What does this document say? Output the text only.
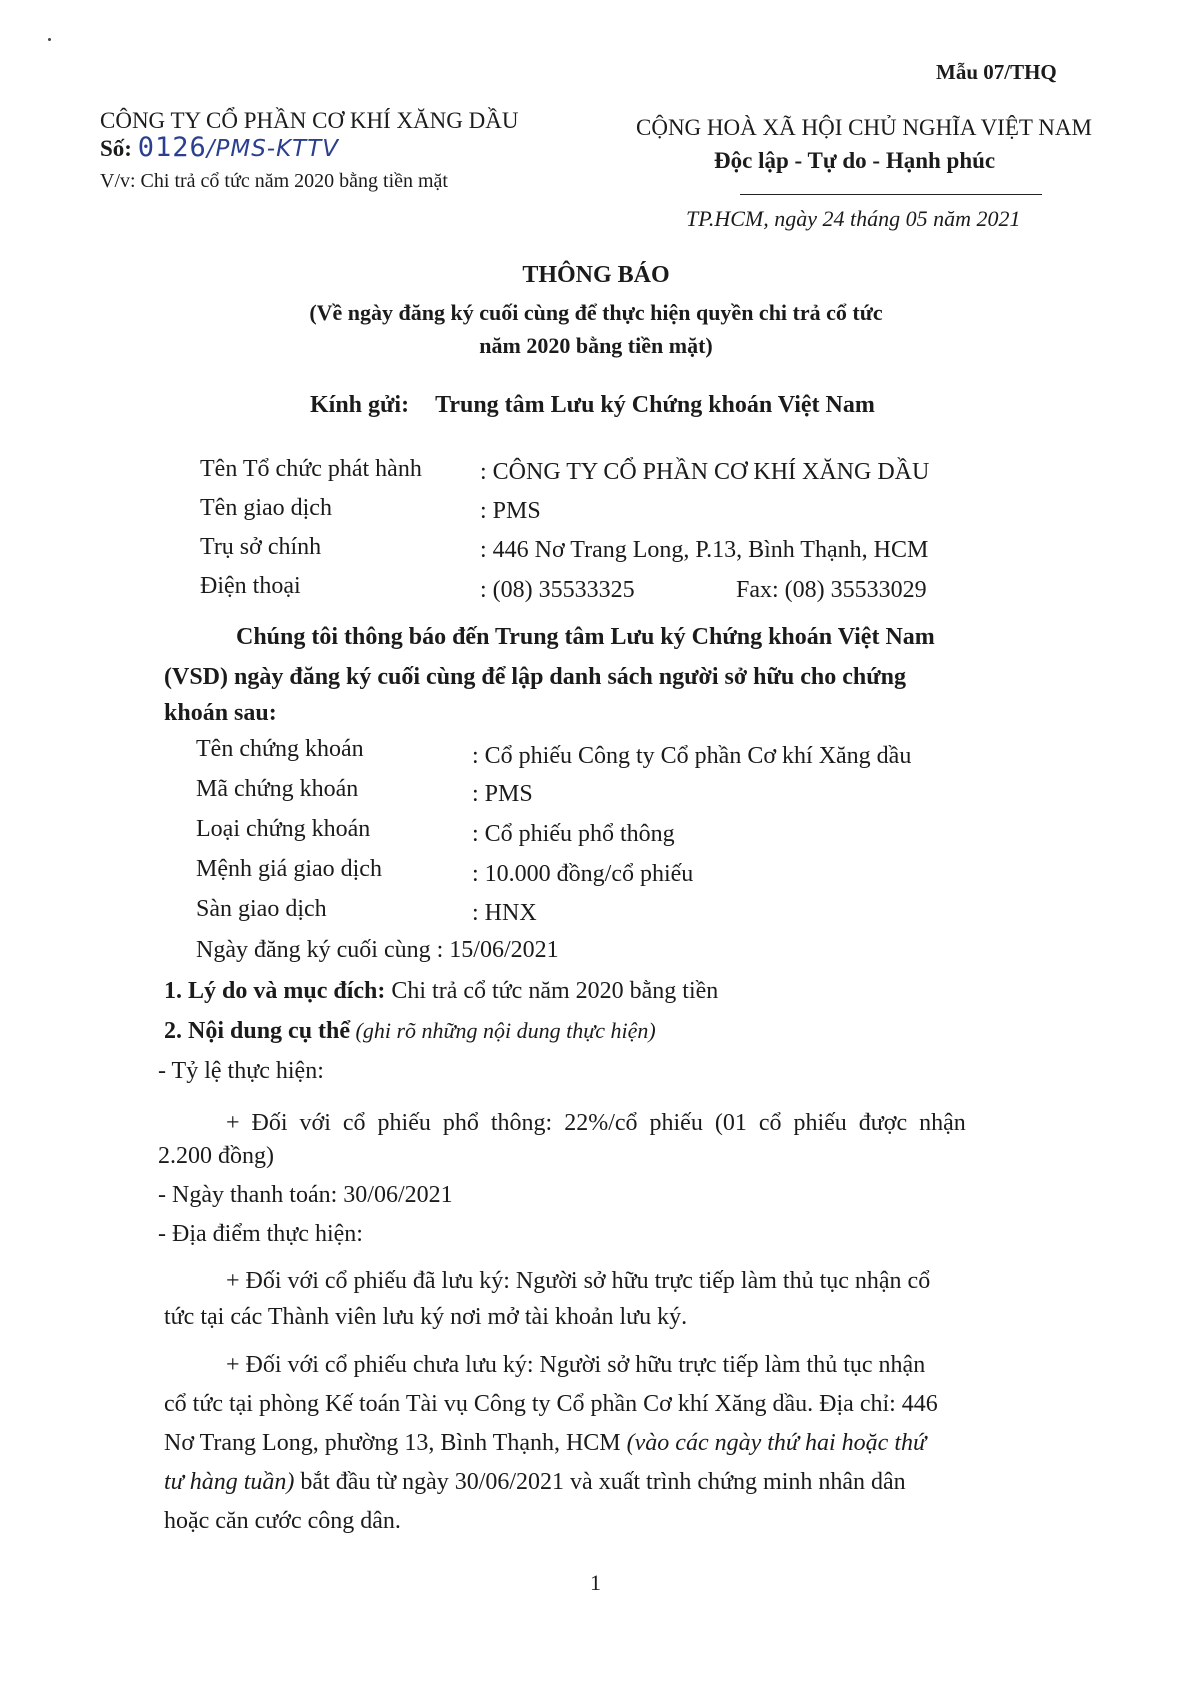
Mẫu 07/THQ
CÔNG TY CỔ PHẦN CƠ KHÍ XĂNG DẦU
Số: 0126/PMS-KTTV
V/v: Chi trả cổ tức năm 2020 bằng tiền mặt
CỘNG HOÀ XÃ HỘI CHỦ NGHĨA VIỆT NAM
Độc lập - Tự do - Hạnh phúc
TP.HCM, ngày 24 tháng 05 năm 2021
THÔNG BÁO
(Về ngày đăng ký cuối cùng để thực hiện quyền chi trả cổ tức
năm 2020 bằng tiền mặt)
Kính gửi: Trung tâm Lưu ký Chứng khoán Việt Nam
Tên Tổ chức phát hành : CÔNG TY CỔ PHẦN CƠ KHÍ XĂNG DẦU
Tên giao dịch	: PMS
Trụ sở chính	: 446 Nơ Trang Long, P.13, Bình Thạnh, HCM
Điện thoại	: (08) 35533325	Fax: (08) 35533029
Chúng tôi thông báo đến Trung tâm Lưu ký Chứng khoán Việt Nam
(VSD) ngày đăng ký cuối cùng để lập danh sách người sở hữu cho chứng
khoán sau:
Tên chứng khoán	: Cổ phiếu Công ty Cổ phần Cơ khí Xăng dầu
Mã chứng khoán	: PMS
Loại chứng khoán	: Cổ phiếu phổ thông
Mệnh giá giao dịch	: 10.000 đồng/cổ phiếu
Sàn giao dịch	: HNX
Ngày đăng ký cuối cùng : 15/06/2021
1. Lý do và mục đích: Chi trả cổ tức năm 2020 bằng tiền
2. Nội dung cụ thể (ghi rõ những nội dung thực hiện)
- Tỷ lệ thực hiện:
+ Đối với cổ phiếu phổ thông: 22%/cổ phiếu (01 cổ phiếu được nhận
2.200 đồng)
- Ngày thanh toán: 30/06/2021
- Địa điểm thực hiện:
+ Đối với cổ phiếu đã lưu ký: Người sở hữu trực tiếp làm thủ tục nhận cổ
tức tại các Thành viên lưu ký nơi mở tài khoản lưu ký.
+ Đối với cổ phiếu chưa lưu ký: Người sở hữu trực tiếp làm thủ tục nhận
cổ tức tại phòng Kế toán Tài vụ Công ty Cổ phần Cơ khí Xăng dầu. Địa chỉ: 446
Nơ Trang Long, phường 13, Bình Thạnh, HCM (vào các ngày thứ hai hoặc thứ
tư hàng tuần) bắt đầu từ ngày 30/06/2021 và xuất trình chứng minh nhân dân
hoặc căn cước công dân.
1
